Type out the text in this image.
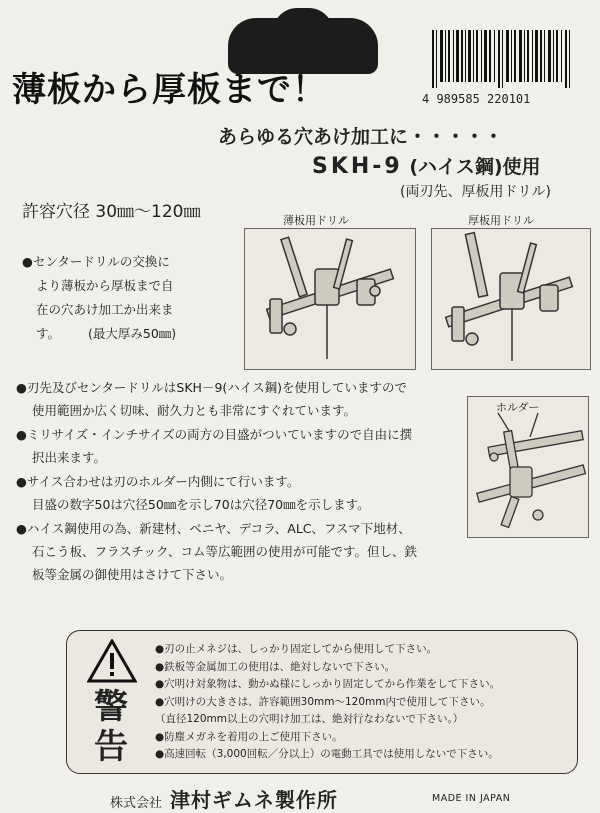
薄板から厚板まで！	4 989585 220101
あらゆる穴あけ加工に・・・・・
SKH-9 (ハイス鋼)使用
(両刃先、厚板用ドリル)
許容穴径 30㎜～120㎜	薄板用ドリル	厚板用ドリル
●センタードリルの交換に
より薄板から厚板まで自
在の穴あけ加工か出来ま
す。 (最大厚み50㎜)
ホルダー

●刃先及びセンタードリルはSKH－9(ハイス鋼)を使用していますので
使用範囲か広く切味、耐久力とも非常にすぐれています。

●ミリサイズ・インチサイズの両方の目盛がついていますので自由に撰
択出来ます。

●サイス合わせは刃のホルダー内側にて行います。
目盛の数字50は穴径50㎜を示し70は穴径70㎜を示します。

●ハイス鋼使用の為、新建材、ベニヤ、デコラ、ALC、フスマ下地材、
石こう板、フラスチック、コム等広範囲の使用が可能です。但し、鉄
板等金属の御使用はさけて下さい。

警告
●刃の止メネジは、しっかり固定してから使用して下さい。
●鉄板等金属加工の使用は、絶対しないで下さい。
●穴明け対象物は、動かぬ様にしっかり固定してから作業をして下さい。
●穴明けの大きさは、許容範囲30mm～120mm内で使用して下さい。
（直径120mm以上の穴明け加工は、絶対行なわないで下さい。）
●防塵メガネを着用の上ご使用下さい。
●高速回転（3,000回転／分以上）の電動工具では使用しないで下さい。
株式会社 津村ギムネ製作所	MADE IN JAPAN
